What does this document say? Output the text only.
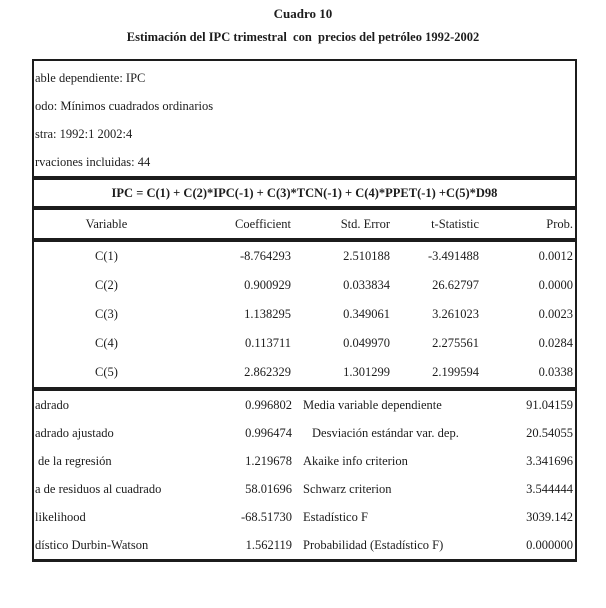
Cuadro 10
Estimación del IPC trimestral  con  precios del petróleo 1992-2002
able dependiente: IPC
odo: Mínimos cuadrados ordinarios
stra: 1992:1 2002:4
rvaciones incluidas: 44
IPC = C(1) + C(2)*IPC(-1) + C(3)*TCN(-1) + C(4)*PPET(-1) +C(5)*D98
Variable	Coefficient	Std. Error	t-Statistic	Prob.
C(1)	-8.764293	2.510188	-3.491488	0.0012
C(2)	0.900929	0.033834	26.62797	0.0000
C(3)	1.138295	0.349061	3.261023	0.0023
C(4)	0.113711	0.049970	2.275561	0.0284
C(5)	2.862329	1.301299	2.199594	0.0338
adrado	0.996802 Media variable dependiente	91.04159
adrado ajustado	0.996474	Desviación estándar var. dep.	20.54055
de la regresión	1.219678 Akaike info criterion	3.341696
a de residuos al cuadrado	58.01696 Schwarz criterion	3.544444
likelihood	-68.51730 Estadístico F	3039.142
dístico Durbin-Watson	1.562119 Probabilidad (Estadístico F)	0.000000
